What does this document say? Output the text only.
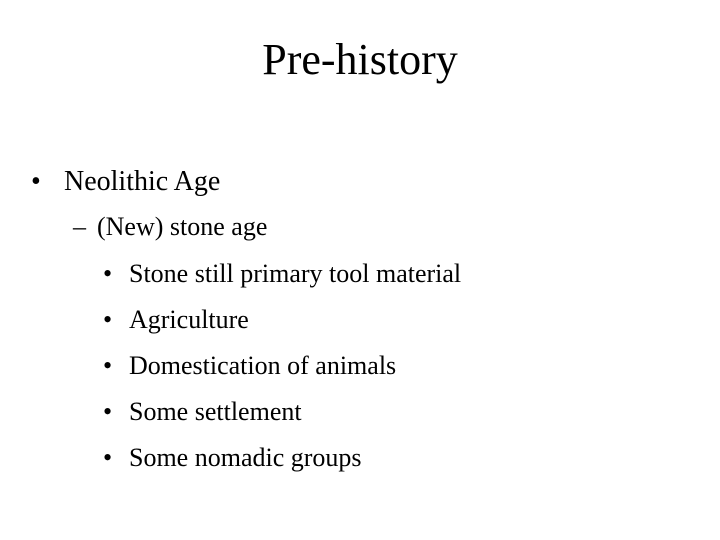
Pre-history
• Neolithic Age
– (New) stone age
• Stone still primary tool material
• Agriculture
• Domestication of animals
• Some settlement
• Some nomadic groups
